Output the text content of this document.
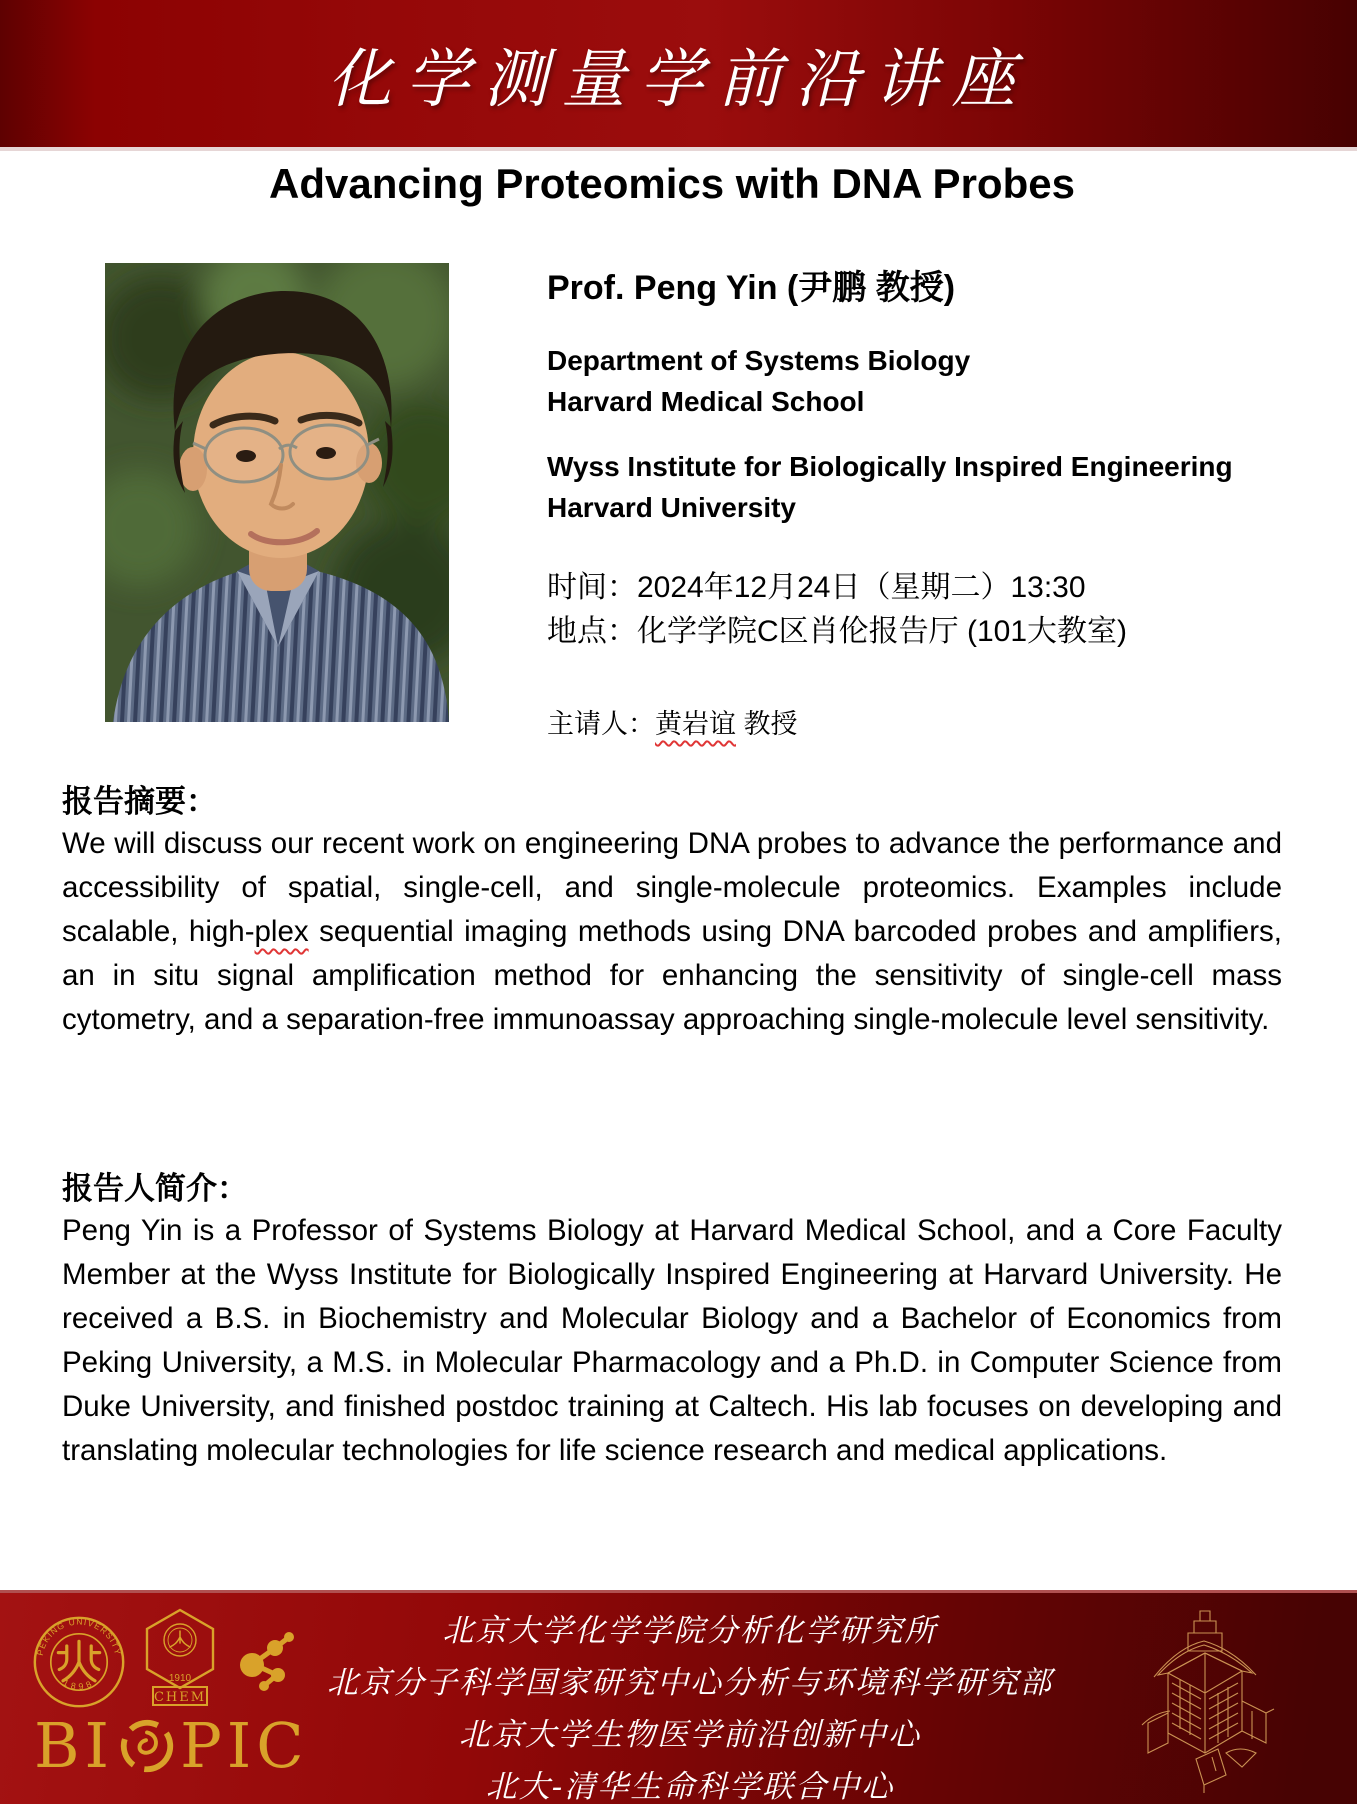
化学测量学前沿讲座
Advancing Proteomics with DNA Probes
Prof. Peng Yin (尹鹏 教授)
Department of Systems Biology
Harvard Medical School
Wyss Institute for Biologically Inspired Engineering
Harvard University
时间：2024年12月24日（星期二）13:30
地点：化学学院C区肖伦报告厅 (101大教室)
主请人：黄岩谊 教授
报告摘要：
We will discuss our recent work on engineering DNA probes to advance the performance and accessibility of spatial, single-cell, and single-molecule proteomics. Examples include scalable, high-plex sequential imaging methods using DNA barcoded probes and amplifiers, an in situ signal amplification method for enhancing the sensitivity of single-cell mass cytometry, and a separation-free immunoassay approaching single-molecule level sensitivity.
报告人简介：
Peng Yin is a Professor of Systems Biology at Harvard Medical School, and a Core Faculty Member at the Wyss Institute for Biologically Inspired Engineering at Harvard University. He received a B.S. in Biochemistry and Molecular Biology and a Bachelor of Economics from Peking University, a M.S. in Molecular Pharmacology and a Ph.D. in Computer Science from Duke University, and finished postdoc training at Caltech. His lab focuses on developing and translating molecular technologies for life science research and medical applications.
PEKING UNIVERSITY
1898	1910
CHEM
BI PIC
北京大学化学学院分析化学研究所
北京分子科学国家研究中心分析与环境科学研究部
北京大学生物医学前沿创新中心
北大-清华生命科学联合中心
